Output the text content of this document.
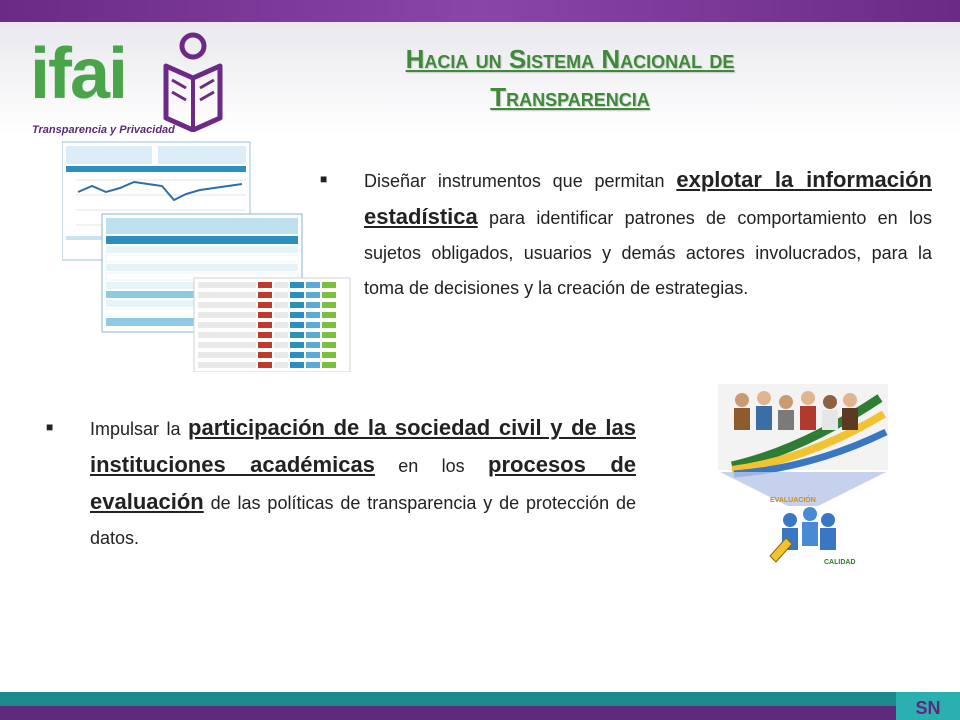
ifai
Transparencia y Privacidad
Hacia un Sistema Nacional de
Transparencia
■	Diseñar instrumentos que permitan explotar la información estadística para identificar patrones de comportamiento en los sujetos obligados, usuarios y demás actores involucrados, para la toma de decisiones y la creación de estrategias.
■	Impulsar la participación de la sociedad civil y de las instituciones académicas en los procesos de evaluación de las políticas de transparencia y de protección de datos.
EVALUACIÓN
CALIDAD
SN
